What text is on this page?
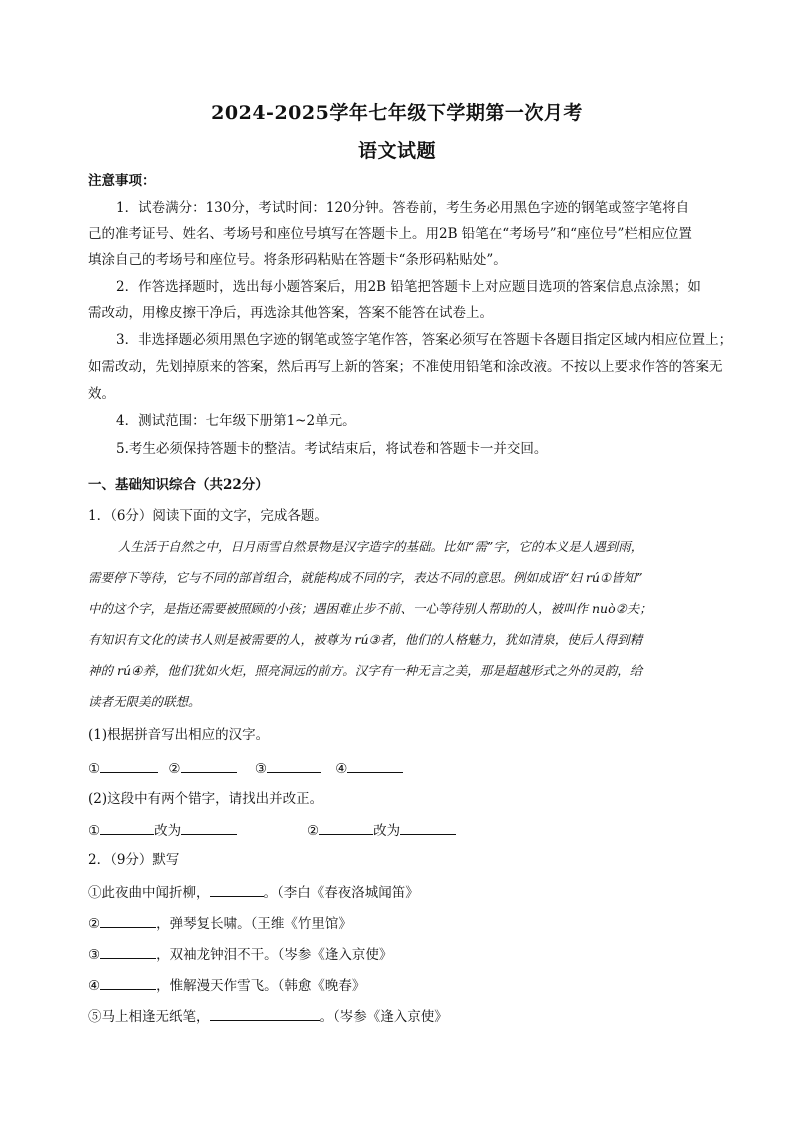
2024-2025学年七年级下学期第一次月考
语文试题
注意事项：
1．试卷满分：130分，考试时间：120分钟。答卷前，考生务必用黑色字迹的钢笔或签字笔将自
己的准考证号、姓名、考场号和座位号填写在答题卡上。用2B 铅笔在“考场号”和“座位号”栏相应位置
填涂自己的考场号和座位号。将条形码粘贴在答题卡“条形码粘贴处”。
2．作答选择题时，选出每小题答案后，用2B 铅笔把答题卡上对应题目选项的答案信息点涂黑；如
需改动，用橡皮擦干净后，再选涂其他答案，答案不能答在试卷上。
3．非选择题必须用黑色字迹的钢笔或签字笔作答，答案必须写在答题卡各题目指定区域内相应位置上；
如需改动，先划掉原来的答案，然后再写上新的答案；不准使用铅笔和涂改液。不按以上要求作答的答案无
效。
4．测试范围：七年级下册第1~2单元。
5.考生必须保持答题卡的整洁。考试结束后，将试卷和答题卡一并交回。
一、基础知识综合（共22分）
1．（6分）阅读下面的文字，完成各题。
人生活于自然之中，日月雨雪自然景物是汉字造字的基础。比如“需”字，它的本义是人遇到雨，
需要停下等待，它与不同的部首组合，就能构成不同的字，表达不同的意思。例如成语“妇 rú①皆知”
中的这个字，是指还需要被照顾的小孩；遇困难止步不前、一心等待别人帮助的人，被叫作 nuò②夫；
有知识有文化的读书人则是被需要的人，被尊为 rú③者，他们的人格魅力，犹如清泉，使后人得到精
神的 rú④养，他们犹如火炬，照亮洞远的前方。汉字有一种无言之美，那是超越形式之外的灵韵，给
读者无限美的联想。
(1)根据拼音写出相应的汉字。
①	②	③	④
(2)这段中有两个错字，请找出并改正。
①	改为	②	改为
2．（9分）默写
①此夜曲中闻折柳，	。（李白《春夜洛城闻笛》
②	，弹琴复长啸。（王维《竹里馆》
③	，双袖龙钟泪不干。（岑参《逢入京使》
④	，惟解漫天作雪飞。（韩愈《晚春》
⑤马上相逢无纸笔，	。（岑参《逢入京使》
